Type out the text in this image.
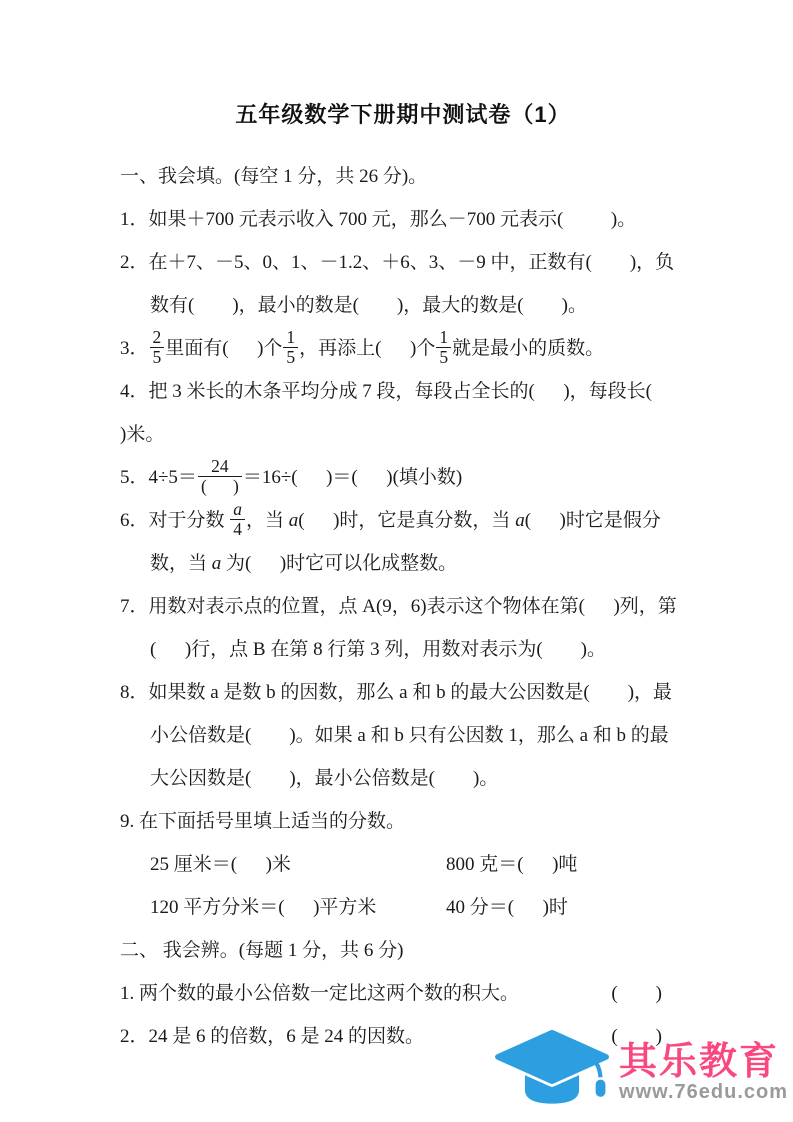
五年级数学下册期中测试卷（1）
一、我会填。(每空 1 分，共 26 分)。
1．如果＋700 元表示收入 700 元，那么－700 元表示(          )。
2．在＋7、－5、0、1、－1.2、＋6、3、－9 中，正数有(        )，负
数有(        )，最小的数是(        )，最大的数是(        )。
3． $\frac{2}{5}$ 里面有(      )个 $\frac{1}{5}$ ，再添上(      )个 $\frac{1}{5}$ 就是最小的质数。
4．把 3 米长的木条平均分成 7 段，每段占全长的(      )，每段长(      )米。
5．$4\div 5= \frac{24}{( )} =16\div$(      )＝(      )(填小数)
6．对于分数 $\frac{a}{4}$ ，当 a(      )时，它是真分数，当 a(      )时它是假分
数，当 a 为(      )时它可以化成整数。
7．用数对表示点的位置，点 A(9，6)表示这个物体在第(      )列，第
(      )行，点 B 在第 8 行第 3 列，用数对表示为(        )。
8．如果数 a 是数 b 的因数，那么 a 和 b 的最大公因数是(        )，最
小公倍数是(        )。如果 a 和 b 只有公因数 1，那么 a 和 b 的最
大公因数是(        )，最小公倍数是(        )。
9. 在下面括号里填上适当的分数。
25 厘米＝(      )米	800 克＝(      )吨
120 平方分米＝(      )平方米	40 分＝(      )时
二、 我会辨。(每题 1 分，共 6 分)
1. 两个数的最小公倍数一定比这两个数的积大。	(　　)
2．24 是 6 的倍数，6 是 24 的因数。	(　　)
其乐教育
www.76edu.com
